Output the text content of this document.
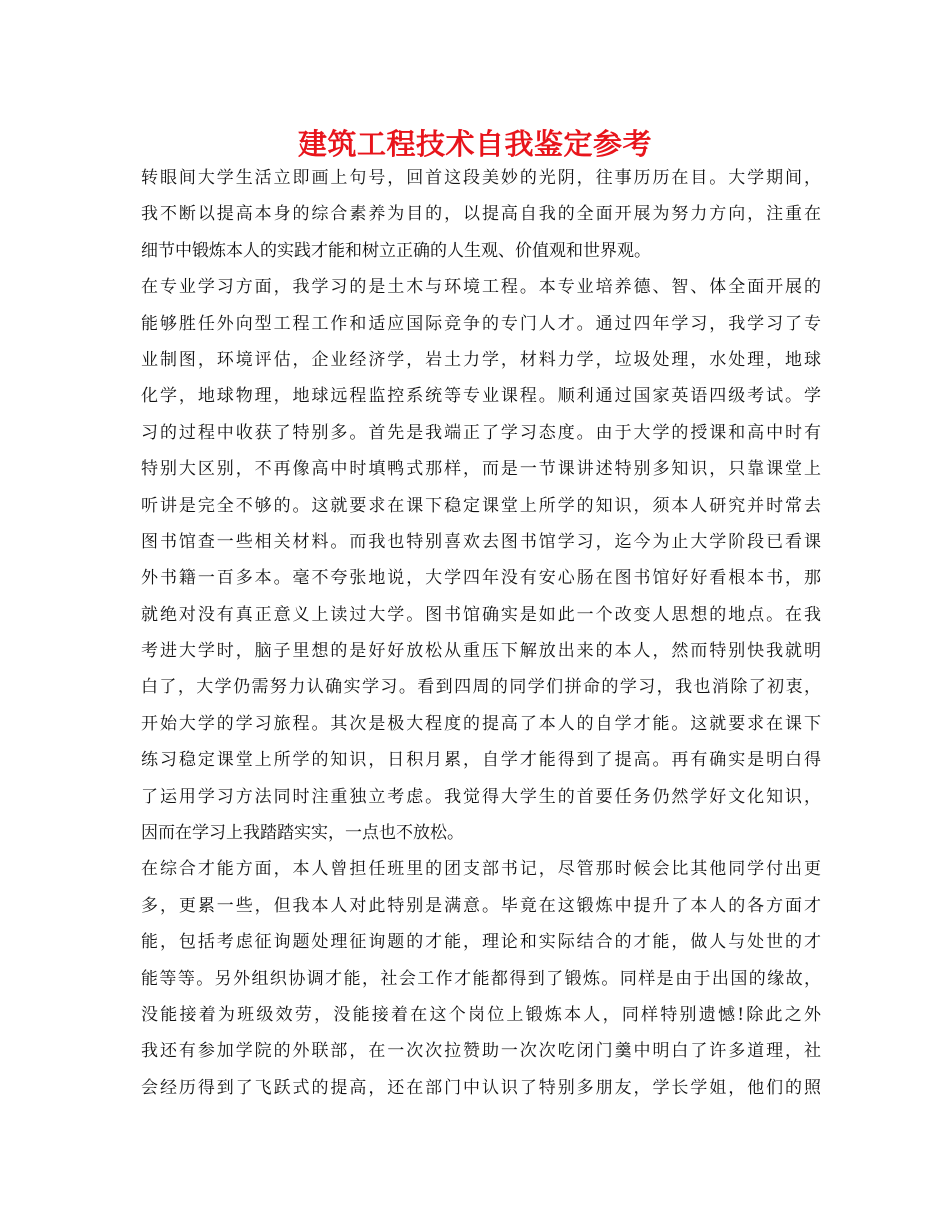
建筑工程技术自我鉴定参考
转眼间大学生活立即画上句号，回首这段美妙的光阴，往事历历在目。大学期间，
我不断以提高本身的综合素养为目的，以提高自我的全面开展为努力方向，注重在
细节中锻炼本人的实践才能和树立正确的人生观、价值观和世界观。
在专业学习方面，我学习的是土木与环境工程。本专业培养德、智、体全面开展的
能够胜任外向型工程工作和适应国际竞争的专门人才。通过四年学习，我学习了专
业制图，环境评估，企业经济学，岩土力学，材料力学，垃圾处理，水处理，地球
化学，地球物理，地球远程监控系统等专业课程。顺利通过国家英语四级考试。学
习的过程中收获了特别多。首先是我端正了学习态度。由于大学的授课和高中时有
特别大区别，不再像高中时填鸭式那样，而是一节课讲述特别多知识，只靠课堂上
听讲是完全不够的。这就要求在课下稳定课堂上所学的知识，须本人研究并时常去
图书馆查一些相关材料。而我也特别喜欢去图书馆学习，迄今为止大学阶段已看课
外书籍一百多本。毫不夸张地说，大学四年没有安心肠在图书馆好好看根本书，那
就绝对没有真正意义上读过大学。图书馆确实是如此一个改变人思想的地点。在我
考进大学时，脑子里想的是好好放松从重压下解放出来的本人，然而特别快我就明
白了，大学仍需努力认确实学习。看到四周的同学们拼命的学习，我也消除了初衷，
开始大学的学习旅程。其次是极大程度的提高了本人的自学才能。这就要求在课下
练习稳定课堂上所学的知识，日积月累，自学才能得到了提高。再有确实是明白得
了运用学习方法同时注重独立考虑。我觉得大学生的首要任务仍然学好文化知识，
因而在学习上我踏踏实实，一点也不放松。
在综合才能方面，本人曾担任班里的团支部书记，尽管那时候会比其他同学付出更
多，更累一些，但我本人对此特别是满意。毕竟在这锻炼中提升了本人的各方面才
能，包括考虑征询题处理征询题的才能，理论和实际结合的才能，做人与处世的才
能等等。另外组织协调才能，社会工作才能都得到了锻炼。同样是由于出国的缘故，
没能接着为班级效劳，没能接着在这个岗位上锻炼本人，同样特别遗憾!除此之外
我还有参加学院的外联部，在一次次拉赞助一次次吃闭门羹中明白了许多道理，社
会经历得到了飞跃式的提高，还在部门中认识了特别多朋友，学长学姐，他们的照
